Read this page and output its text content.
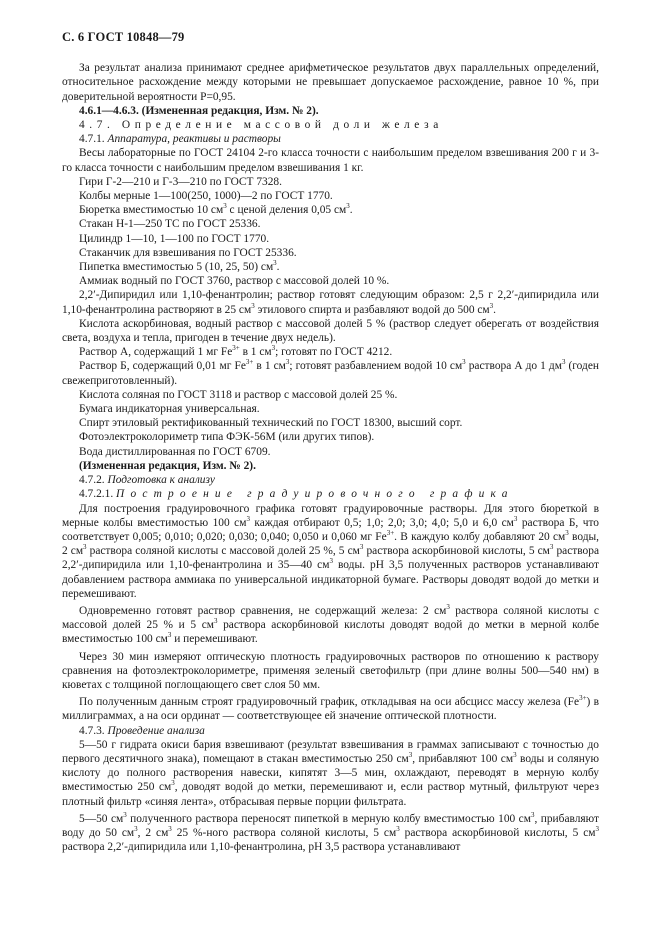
С. 6 ГОСТ 10848—79

За результат анализа принимают среднее арифметическое результатов двух параллельных определений, относительное расхождение между которыми не превышает допускаемое расхождение, равное 10 %, при доверительной вероятности Р=0,95.

4.6.1—4.6.3. (Измененная редакция, Изм. № 2).

4.7. Определение массовой доли железа

4.7.1. Аппаратура, реактивы и растворы

Весы лабораторные по ГОСТ 24104 2-го класса точности с наибольшим пределом взвешивания 200 г и 3-го класса точности с наибольшим пределом взвешивания 1 кг.

Гири Г-2—210 и Г-3—210 по ГОСТ 7328.

Колбы мерные 1—100(250, 1000)—2 по ГОСТ 1770.

Бюретка вместимостью 10 $см^3$ с ценой деления 0,05 $см^3$.

Стакан Н-1—250 ТС по ГОСТ 25336.

Цилиндр 1—10, 1—100 по ГОСТ 1770.

Стаканчик для взвешивания по ГОСТ 25336.

Пипетка вместимостью 5 (10, 25, 50) $см^3$.

Аммиак водный по ГОСТ 3760, раствор с массовой долей 10 %.

2,2′-Дипиридил или 1,10-фенантролин; раствор готовят следующим образом: 2,5 г 2,2′-дипиридила или 1,10-фенантролина растворяют в 25 $см^3$ этилового спирта и разбавляют водой до 500 $см^3$.

Кислота аскорбиновая, водный раствор с массовой долей 5 % (раствор следует оберегать от воздействия света, воздуха и тепла, пригоден в течение двух недель).

Раствор А, содержащий 1 мг $Fe^{3+}$ в 1 $см^3$; готовят по ГОСТ 4212.

Раствор Б, содержащий 0,01 мг $Fe^{3+}$ в 1 $см^3$; готовят разбавлением водой 10 $см^3$ раствора А до 1 $дм^3$ (годен свежеприготовленный).

Кислота соляная по ГОСТ 3118 и раствор с массовой долей 25 %.

Бумага индикаторная универсальная.

Спирт этиловый ректификованный технический по ГОСТ 18300, высший сорт.

Фотоэлектроколориметр типа ФЭК-56М (или других типов).

Вода дистиллированная по ГОСТ 6709.

(Измененная редакция, Изм. № 2).

4.7.2. Подготовка к анализу

4.7.2.1. Построение градуировочного графика

Для построения градуировочного графика готовят градуировочные растворы. Для этого бюреткой в мерные колбы вместимостью 100 $см^3$ каждая отбирают 0,5; 1,0; 2,0; 3,0; 4,0; 5,0 и 6,0 $см^3$ раствора Б, что соответствует 0,005; 0,010; 0,020; 0,030; 0,040; 0,050 и 0,060 мг $Fe^{3+}$. В каждую колбу добавляют 20 $см^3$ воды, 2 $см^3$ раствора соляной кислоты с массовой долей 25 %, 5 $см^3$ раствора аскорбиновой кислоты, 5 $см^3$ раствора 2,2′-дипиридила или 1,10-фенантролина и 35—40 $см^3$ воды. pH 3,5 полученных растворов устанавливают добавлением раствора аммиака по универсальной индикаторной бумаге. Растворы доводят водой до метки и перемешивают.

Одновременно готовят раствор сравнения, не содержащий железа: 2 $см^3$ раствора соляной кислоты с массовой долей 25 % и 5 $см^3$ раствора аскорбиновой кислоты доводят водой до метки в мерной колбе вместимостью 100 $см^3$ и перемешивают.

Через 30 мин измеряют оптическую плотность градуировочных растворов по отношению к раствору сравнения на фотоэлектроколориметре, применяя зеленый светофильтр (при длине волны 500—540 нм) в кюветах с толщиной поглощающего свет слоя 50 мм.

По полученным данным строят градуировочный график, откладывая на оси абсцисс массу железа $(Fe^{3+})$ в миллиграммах, а на оси ординат — соответствующее ей значение оптической плотности.

4.7.3. Проведение анализа

5—50 г гидрата окиси бария взвешивают (результат взвешивания в граммах записывают с точностью до первого десятичного знака), помещают в стакан вместимостью 250 $см^3$, прибавляют 100 $см^3$ воды и соляную кислоту до полного растворения навески, кипятят 3—5 мин, охлаждают, переводят в мерную колбу вместимостью 250 $см^3$, доводят водой до метки, перемешивают и, если раствор мутный, фильтруют через плотный фильтр «синяя лента», отбрасывая первые порции фильтрата.

5—50 $см^3$ полученного раствора переносят пипеткой в мерную колбу вместимостью 100 $см^3$, прибавляют воду до 50 $см^3$, 2 $см^3$ 25 %-ного раствора соляной кислоты, 5 $см^3$ раствора аскорбиновой кислоты, 5 $см^3$ раствора 2,2′-дипиридила или 1,10-фенантролина, pH 3,5 раствора устанавливают
